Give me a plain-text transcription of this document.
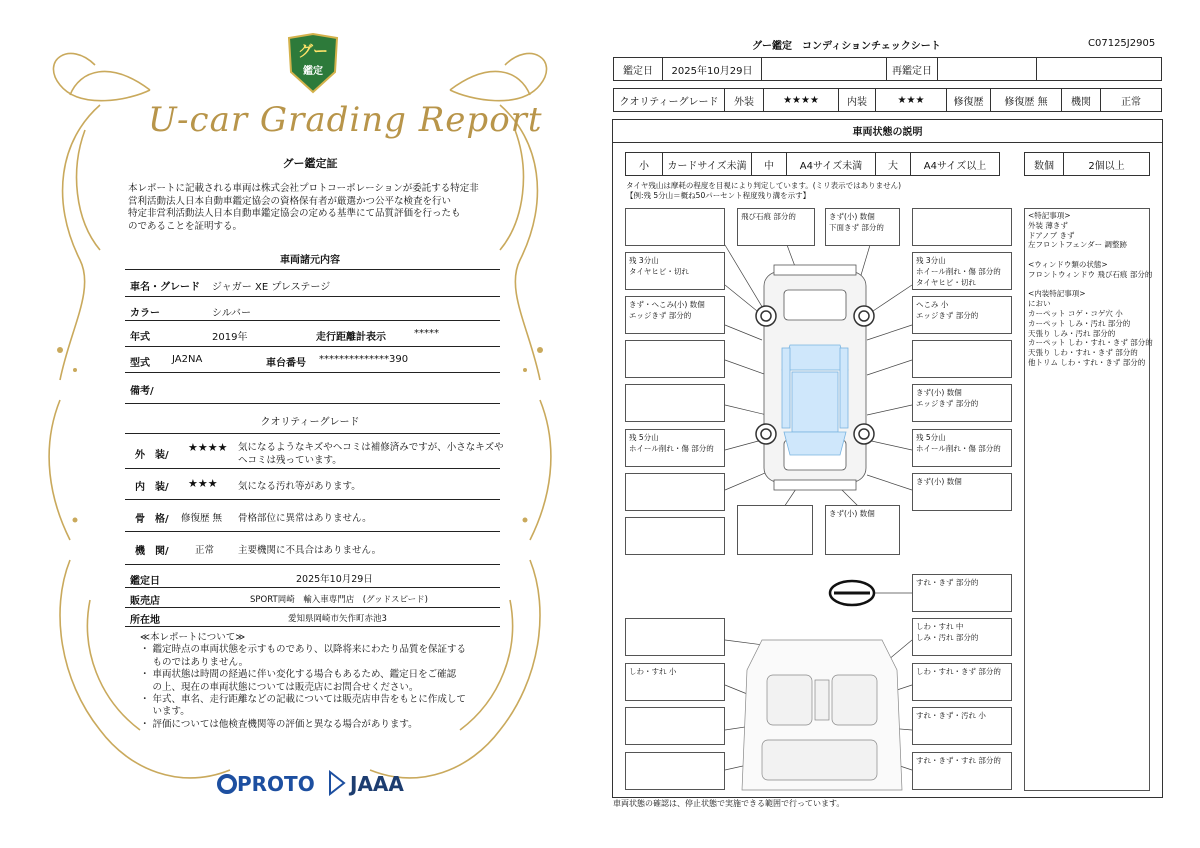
グー
鑑定
U-car Grading Report
グー鑑定証
本レポートに記載される車両は株式会社プロトコーポレーションが委託する特定非
営利活動法人日本自動車鑑定協会の資格保有者が厳選かつ公平な検査を行い
特定非営利活動法人日本自動車鑑定協会の定める基準にて品質評価を行ったも
のであることを証明する。
車両諸元内容
車名・グレード ジャガー XE プレステージ
カラー	シルバー
年式	2019年	走行距離計表示	*****
型式 JA2NA	車台番号 **************390
備考/
クオリティーグレード
外　装/
★★★★ 気になるようなキズやヘコミは補修済みですが、小さなキズや
ヘコミは残っています。
内　装/ ★★★ 気になる汚れ等があります。
骨　格/ 修復歴 無 骨格部位に異常はありません。
機　関/	正常	主要機関に不具合はありません。
鑑定日	2025年10月29日
販売店	SPORT岡崎　輸入車専門店　(グッドスピード)
所在地	愛知県岡崎市矢作町赤池3
≪本レポートについて≫
・ 鑑定時点の車両状態を示すものであり、以降将来にわたり品質を保証する
　 ものではありません。
・ 車両状態は時間の経過に伴い変化する場合もあるため、鑑定日をご確認
　 の上、現在の車両状態については販売店にお問合せください。
・ 年式、車名、走行距離などの記載については販売店申告をもとに作成して
　 います。
・ 評価については他検査機関等の評価と異なる場合があります。
PROTO JAAA
グー鑑定　コンディションチェックシート	C07125J2905
鑑定日	2025年10月29日	再鑑定日
クオリティーグレード	外装	★★★★	内装	★★★	修復歴	修復歴 無	機関	正常
車両状態の説明
小	カードサイズ未満	中	A4サイズ未満	大	A4サイズ以上	数個	2個以上
タイヤ残山は摩耗の程度を目視により判定しています。(ミリ表示ではありません)
【例:残 5分山＝概ね50パーセント程度残り溝を示す】
飛び石痕 部分的	きず(小) 数個
下面きず 部分的
残 3分山
タイヤヒビ・切れ
残 3分山
ホイール削れ・傷 部分的
タイヤヒビ・切れ
きず・へこみ(小) 数個
エッジきず 部分的
へこみ 小
エッジきず 部分的
きず(小) 数個
エッジきず 部分的
残 5分山
ホイール削れ・傷 部分的
残 5分山
ホイール削れ・傷 部分的
きず(小) 数個
きず(小) 数個
すれ・きず 部分的
しわ・すれ 中
しみ・汚れ 部分的
しわ・すれ 小	しわ・すれ・きず 部分的
すれ・きず・汚れ 小
すれ・きず・すれ 部分的
<特記事項>
外装 薄きず
ドアノブ きず
左フロントフェンダー 調整跡

<ウィンドウ類の状態>
フロントウィンドウ 飛び石痕 部分的

<内装特記事項>
におい
カーペット コゲ・コゲ穴 小
カーペット しみ・汚れ 部分的
天張り しみ・汚れ 部分的
カーペット しわ・すれ・きず 部分的
天張り しわ・すれ・きず 部分的
他トリム しわ・すれ・きず 部分的
車両状態の確認は、停止状態で実施できる範囲で行っています。
